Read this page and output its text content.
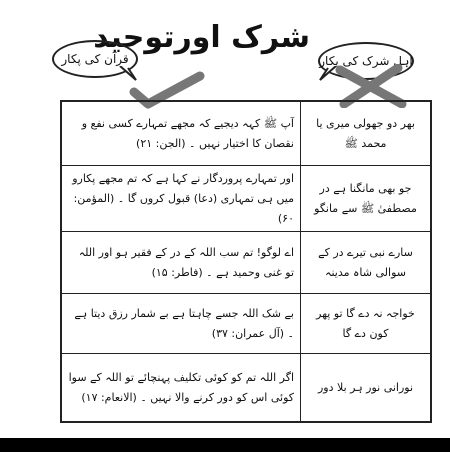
شرک اورتوحید
قرآن کی پکار	اہلِ شرک کی پکار
بھر دو جھولی میری یا محمد ﷺ
آپ ﷺ کہہ دیجیے کہ مجھے تمہارے کسی نفع و نقصان کا اختیار نہیں ۔ (الجن: ۲۱)
جو بھی مانگنا ہے در مصطفیٰ ﷺ سے مانگو
اور تمہارے پروردگار نے کہا ہے کہ تم مجھے پکارو میں ہی تمہاری (دعا) قبول کروں گا ۔ (المؤمن: ۶۰)
سارے نبی تیرے در کے سوالی شاہ مدینہ
اے لوگو! تم سب اللہ کے در کے فقیر ہو اور اللہ تو غنی وحمید ہے ۔ (فاطر: ۱۵)
خواجہ نہ دے گا تو پھر کون دے گا
بے شک اللہ جسے چاہتا ہے بے شمار رزق دیتا ہے ۔ (آل عمران: ۳۷)
نورانی نور ہر بلا دور
اگر اللہ تم کو کوئی تکلیف پہنچائے تو اللہ کے سوا کوئی اس کو دور کرنے والا نہیں ۔ (الانعام: ۱۷)
